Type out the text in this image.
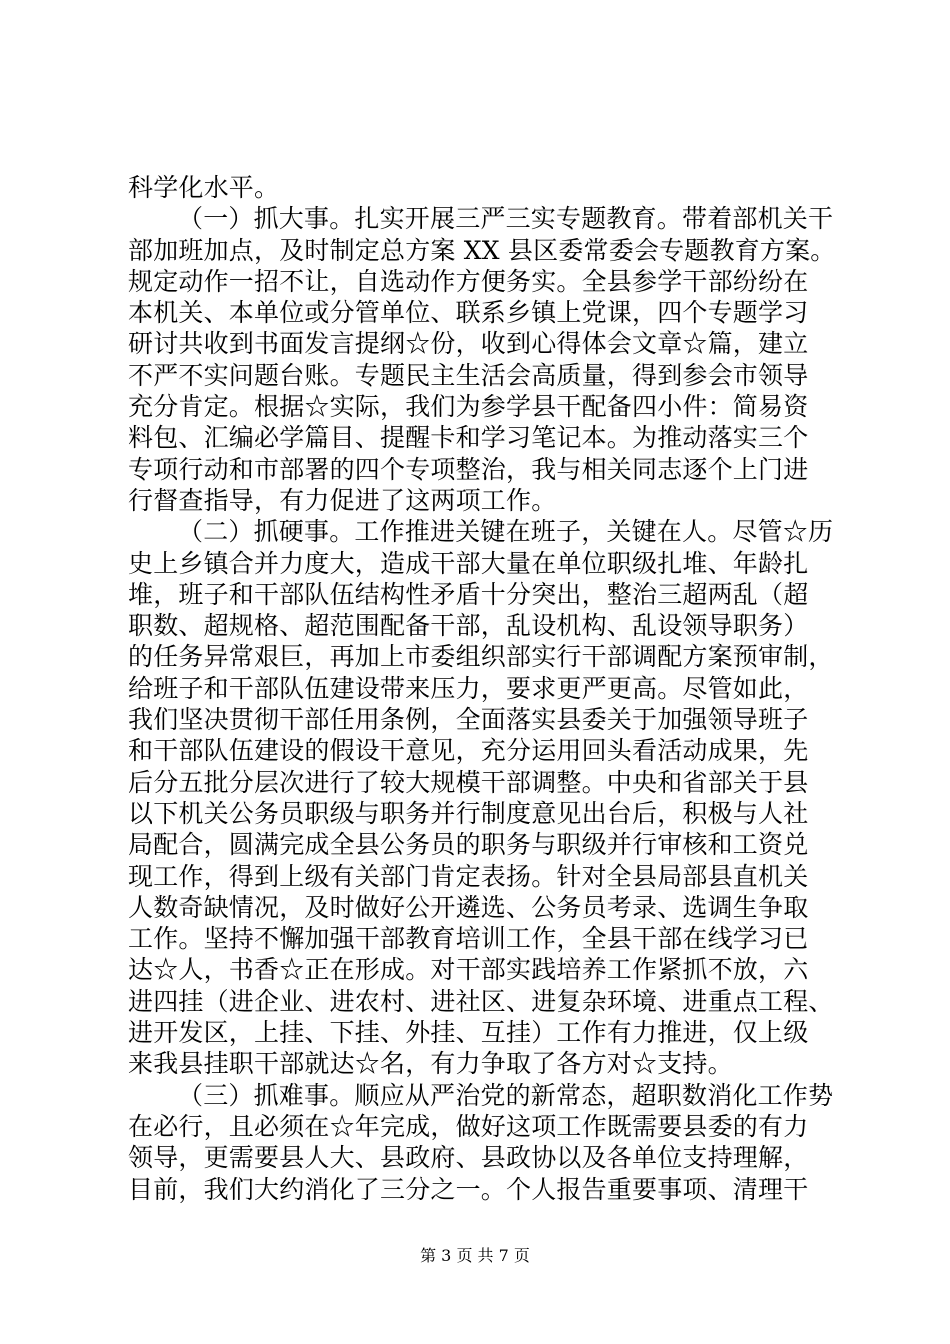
科学化水平。
（一）抓大事。扎实开展三严三实专题教育。带着部机关干
部加班加点，及时制定总方案 XX 县区委常委会专题教育方案。
规定动作一招不让，自选动作方便务实。全县参学干部纷纷在
本机关、本单位或分管单位、联系乡镇上党课，四个专题学习
研讨共收到书面发言提纲☆份，收到心得体会文章☆篇，建立
不严不实问题台账。专题民主生活会高质量，得到参会市领导
充分肯定。根据☆实际，我们为参学县干配备四小件：简易资
料包、汇编必学篇目、提醒卡和学习笔记本。为推动落实三个
专项行动和市部署的四个专项整治，我与相关同志逐个上门进
行督查指导，有力促进了这两项工作。
（二）抓硬事。工作推进关键在班子，关键在人。尽管☆历
史上乡镇合并力度大，造成干部大量在单位职级扎堆、年龄扎
堆，班子和干部队伍结构性矛盾十分突出，整治三超两乱（超
职数、超规格、超范围配备干部，乱设机构、乱设领导职务）
的任务异常艰巨，再加上市委组织部实行干部调配方案预审制，
给班子和干部队伍建设带来压力，要求更严更高。尽管如此，
我们坚决贯彻干部任用条例，全面落实县委关于加强领导班子
和干部队伍建设的假设干意见，充分运用回头看活动成果，先
后分五批分层次进行了较大规模干部调整。中央和省部关于县
以下机关公务员职级与职务并行制度意见出台后，积极与人社
局配合，圆满完成全县公务员的职务与职级并行审核和工资兑
现工作，得到上级有关部门肯定表扬。针对全县局部县直机关
人数奇缺情况，及时做好公开遴选、公务员考录、选调生争取
工作。坚持不懈加强干部教育培训工作，全县干部在线学习已
达☆人，书香☆正在形成。对干部实践培养工作紧抓不放，六
进四挂（进企业、进农村、进社区、进复杂环境、进重点工程、
进开发区，上挂、下挂、外挂、互挂）工作有力推进，仅上级
来我县挂职干部就达☆名，有力争取了各方对☆支持。
（三）抓难事。顺应从严治党的新常态，超职数消化工作势
在必行，且必须在☆年完成，做好这项工作既需要县委的有力
领导，更需要县人大、县政府、县政协以及各单位支持理解，
目前，我们大约消化了三分之一。个人报告重要事项、清理干
第 3 页 共 7 页
